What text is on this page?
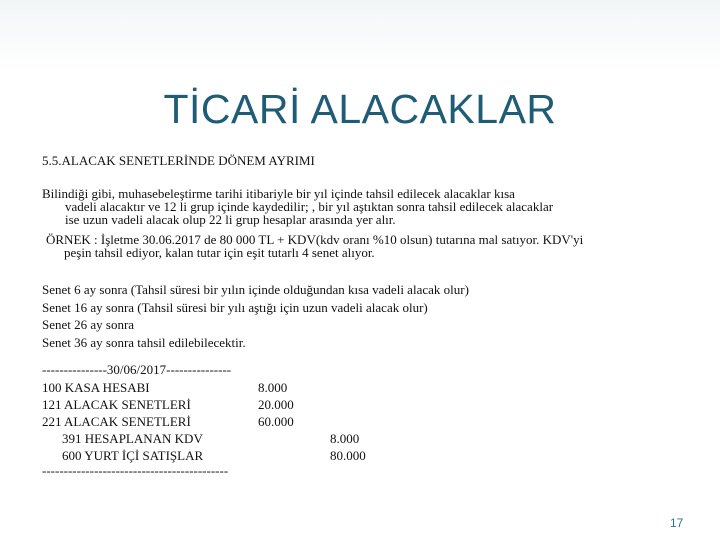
TİCARİ ALACAKLAR

5.5.ALACAK SENETLERİNDE DÖNEM AYRIMI

Bilindiği gibi, muhasebeleştirme tarihi itibariyle bir yıl içinde tahsil edilecek alacaklar kısa
vadeli alacaktır ve 12 li grup içinde kaydedilir; , bir yıl aştıktan sonra tahsil edilecek alacaklar
ise uzun vadeli alacak olup 22 li grup hesaplar arasında yer alır.
ÖRNEK : İşletme 30.06.2017 de 80 000 TL + KDV(kdv oranı %10 olsun) tutarına mal satıyor. KDV'yi
peşin tahsil ediyor, kalan tutar için eşit tutarlı 4 senet alıyor.
Senet 6 ay sonra (Tahsil süresi bir yılın içinde olduğundan kısa vadeli alacak olur)
Senet 16 ay sonra (Tahsil süresi bir yılı aştığı için uzun vadeli alacak olur)
Senet 26 ay sonra
Senet 36 ay sonra tahsil edilebilecektir.
---------------30/06/2017---------------
100 KASA HESABI	8.000
121 ALACAK SENETLERİ	20.000
221 ALACAK SENETLERİ	60.000
391 HESAPLANAN KDV	8.000
600 YURT İÇİ SATIŞLAR	80.000
-------------------------------------------
17
